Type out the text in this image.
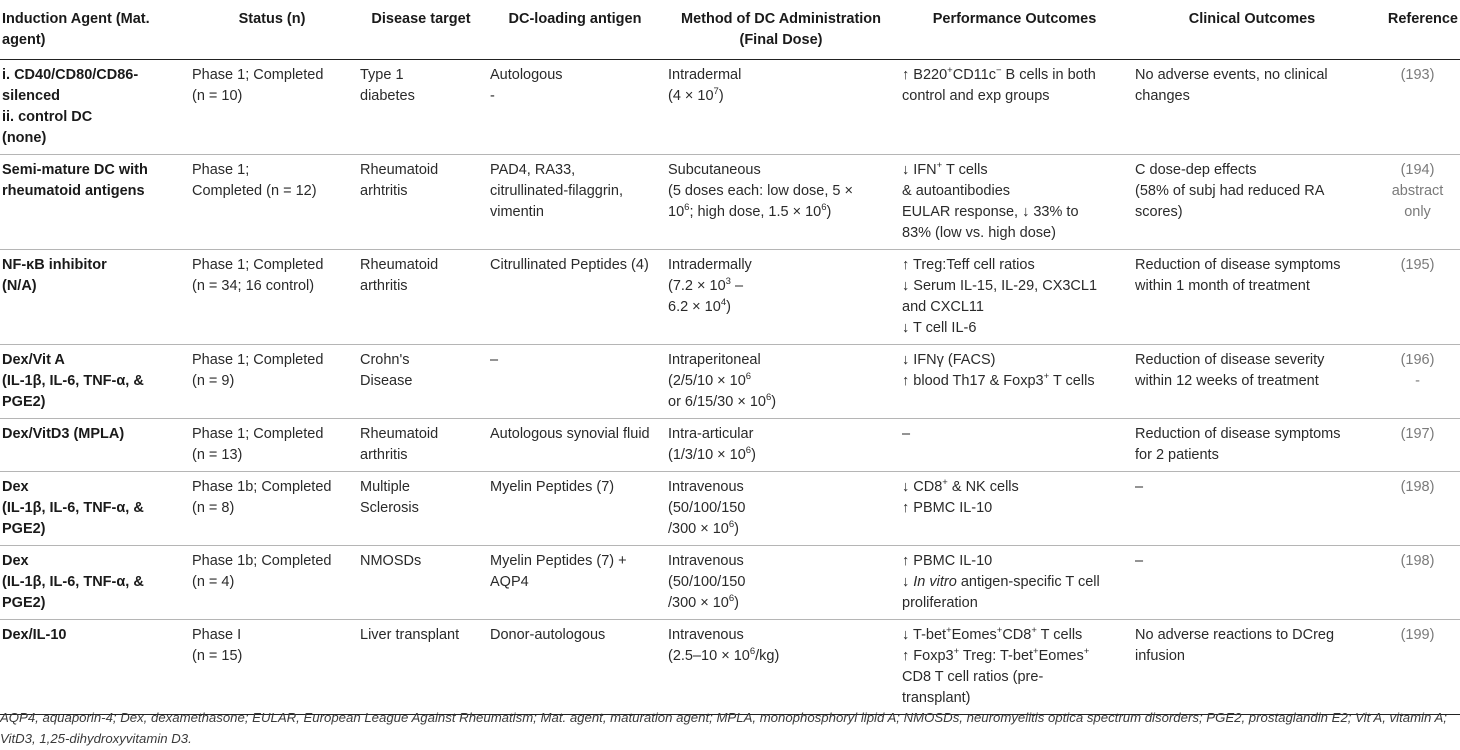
Induction Agent (Mat.
agent)	Status (n)	Disease target	DC-loading antigen	Method of DC Administration
(Final Dose)	Performance Outcomes	Clinical Outcomes	Reference

i. CD40/CD80/CD86-
silenced
ii. control DC
(none)	Phase 1; Completed
(n = 10)	Type 1
diabetes	Autologous
-	Intradermal
$(4 \times 10^7)$	↑ B220+CD11c− B cells in both
control and exp groups	No adverse events, no clinical
changes	(193)

Semi-mature DC with
rheumatoid antigens	Phase 1;
Completed (n = 12)	Rheumatoid
arhtritis	PAD4, RA33,
citrullinated-filaggrin,
vimentin	Subcutaneous
(5 doses each: low dose, 5 ×
$10^6$; high dose, $1.5 \times 10^6$)	↓ IFN+ T cells
& autoantibodies
EULAR response, ↓ 33% to
83% (low vs. high dose)	C dose-dep effects
(58% of subj had reduced RA
scores)	(194)
abstract
only

NF-κB inhibitor
(N/A)	Phase 1; Completed
(n = 34; 16 control)	Rheumatoid
arthritis	Citrullinated Peptides (4)	Intradermally
($7.2 \times 10^3$ –
$6.2 \times 10^4$)	↑ Treg:Teff cell ratios
↓ Serum IL-15, IL-29, CX3CL1
and CXCL11
↓ T cell IL-6	Reduction of disease symptoms
within 1 month of treatment	(195)

Dex/Vit A
(IL-1β, IL-6, TNF-α, &
PGE2)	Phase 1; Completed
(n = 9)	Crohn's
Disease	–	Intraperitoneal
($2/5/10 \times 10^6$
or $6/15/30 \times 10^6$)	↓ IFNγ (FACS)
↑ blood Th17 & Foxp3+ T cells	Reduction of disease severity
within 12 weeks of treatment	(196)
-

Dex/VitD3 (MPLA)	Phase 1; Completed
(n = 13)	Rheumatoid
arthritis	Autologous synovial fluid	Intra-articular
$(1/3/10 \times 10^6)$	–	Reduction of disease symptoms
for 2 patients	(197)

Dex
(IL-1β, IL-6, TNF-α, &
PGE2)	Phase 1b; Completed
(n = 8)	Multiple
Sclerosis	Myelin Peptides (7)	Intravenous
(50/100/150
$/300 \times 10^6$)	↓ CD8+ & NK cells
↑ PBMC IL-10	–	(198)

Dex
(IL-1β, IL-6, TNF-α, &
PGE2)	Phase 1b; Completed
(n = 4)	NMOSDs	Myelin Peptides (7) +
AQP4	Intravenous
(50/100/150
$/300 \times 10^6$)	↑ PBMC IL-10
↓ In vitro antigen-specific T cell
proliferation	–	(198)

Dex/IL-10	Phase I
(n = 15)	Liver transplant	Donor-autologous	Intravenous
$(2.5-10 \times 10^6/kg)$	↓ T-bet+Eomes+CD8+ T cells
↑ Foxp3+ Treg: T-bet+Eomes+
CD8 T cell ratios (pre-
transplant)	No adverse reactions to DCreg
infusion	(199)
AQP4, aquaporin-4; Dex, dexamethasone; EULAR, European League Against Rheumatism; Mat. agent, maturation agent; MPLA, monophosphoryl lipid A; NMOSDs, neuromyelitis optica spectrum disorders; PGE2, prostaglandin E2; Vit A, vitamin A; VitD3, 1,25-dihydroxyvitamin D3.
